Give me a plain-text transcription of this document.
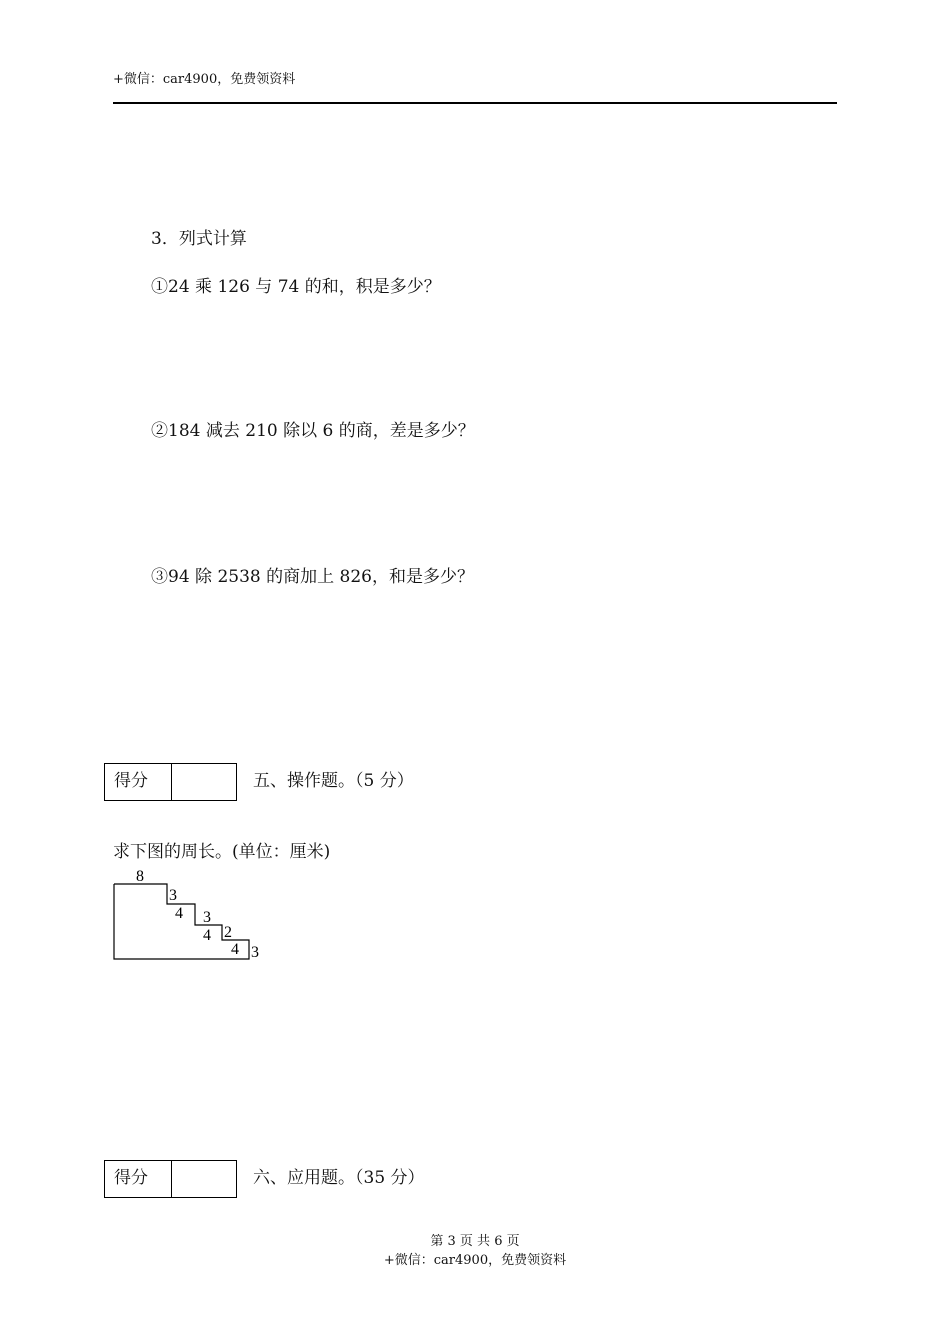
+微信：car4900，免费领资料
3．列式计算
①24 乘 126 与 74 的和，积是多少？
②184 减去 210 除以 6 的商，差是多少？
③94 除 2538 的商加上 826，和是多少？
得分	五、操作题。（5 分）
求下图的周长。(单位：厘米)
8
3
4 3
4 2
4 3
得分	六、应用题。（35 分）
第 3 页 共 6 页
+微信：car4900，免费领资料
